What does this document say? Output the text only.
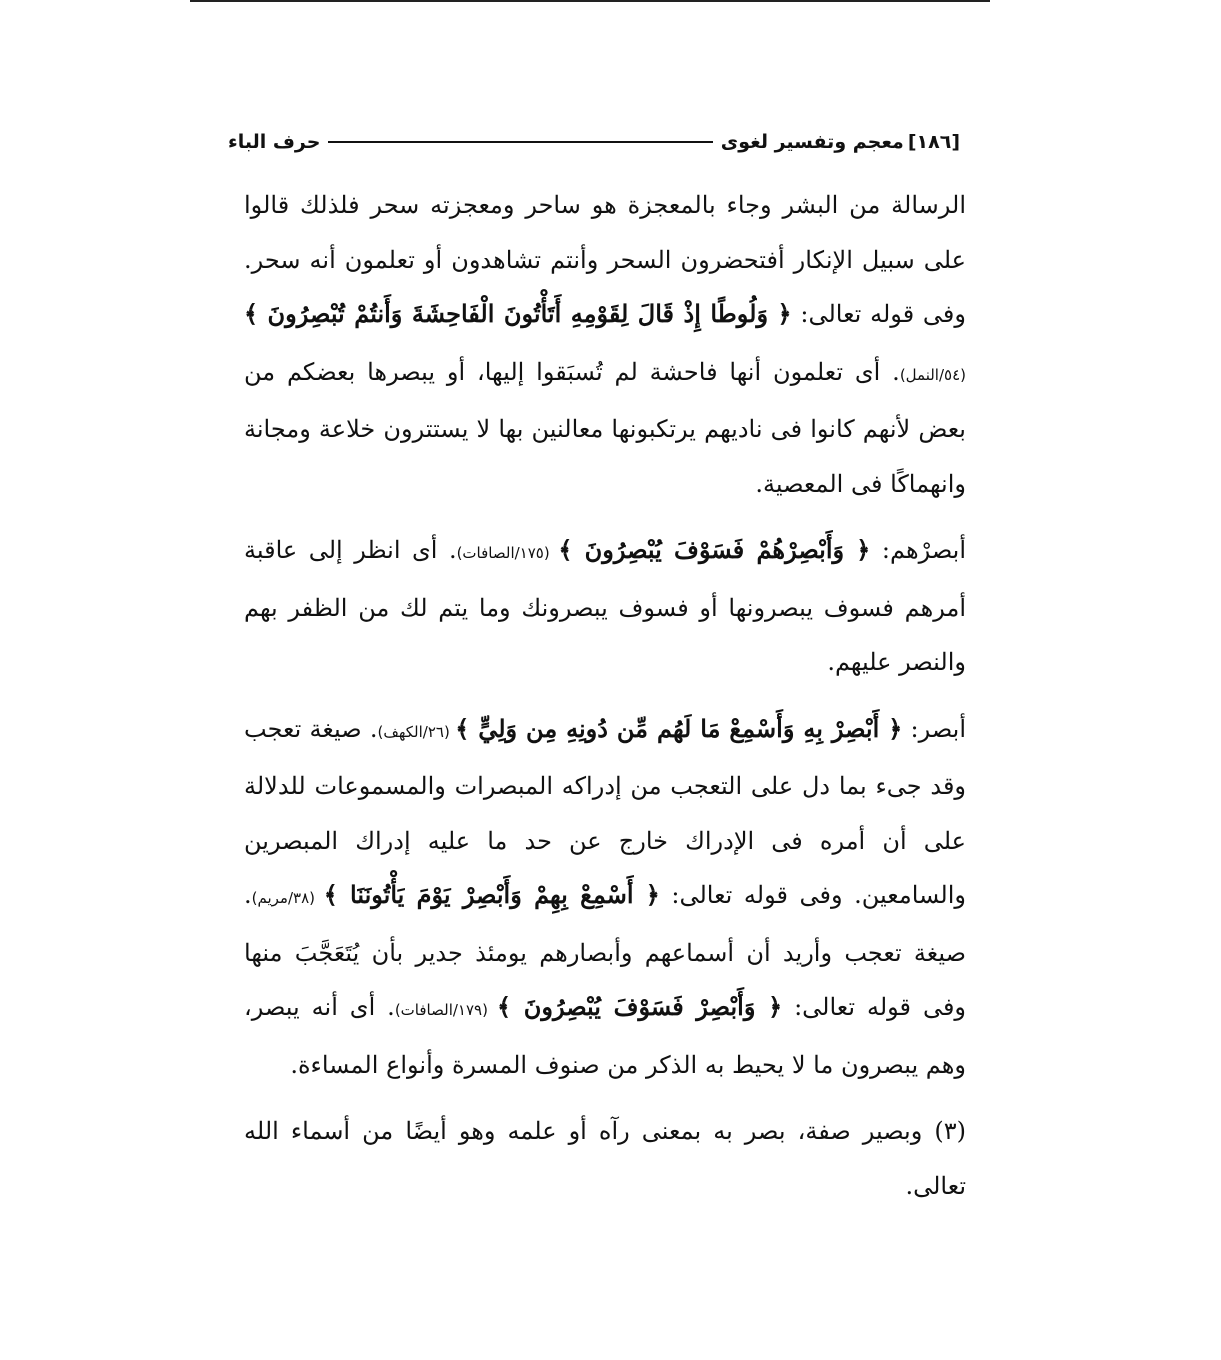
[١٨٦]
معجم وتفسير لغوى
حرف الباء

الرسالة من البشر وجاء بالمعجزة هو ساحر ومعجزته سحر فلذلك قالوا على سبيل الإنكار أفتحضرون السحر وأنتم تشاهدون أو تعلمون أنه سحر. وفى قوله تعالى: ﴿ وَلُوطًا إِذْ قَالَ لِقَوْمِهِ أَتَأْتُونَ الْفَاحِشَةَ وَأَنتُمْ تُبْصِرُونَ ﴾ (٥٤/النمل). أى تعلمون أنها فاحشة لم تُسبَقوا إليها، أو يبصرها بعضكم من بعض لأنهم كانوا فى ناديهم يرتكبونها معالنين بها لا يستترون خلاعة ومجانة وانهماكًا فى المعصية.

أبصرْهم: ﴿ وَأَبْصِرْهُمْ فَسَوْفَ يُبْصِرُونَ ﴾ (١٧٥/الصافات). أى انظر إلى عاقبة أمرهم فسوف يبصرونها أو فسوف يبصرونك وما يتم لك من الظفر بهم والنصر عليهم.

أبصر: ﴿ أَبْصِرْ بِهِ وَأَسْمِعْ مَا لَهُم مِّن دُونِهِ مِن وَلِيٍّ ﴾ (٢٦/الكهف). صيغة تعجب وقد جىء بما دل على التعجب من إدراكه المبصرات والمسموعات للدلالة على أن أمره فى الإدراك خارج عن حد ما عليه إدراك المبصرين والسامعين. وفى قوله تعالى: ﴿ أَسْمِعْ بِهِمْ وَأَبْصِرْ يَوْمَ يَأْتُونَنَا ﴾ (٣٨/مريم). صيغة تعجب وأريد أن أسماعهم وأبصارهم يومئذ جدير بأن يُتَعَجَّبَ منها وفى قوله تعالى: ﴿ وَأَبْصِرْ فَسَوْفَ يُبْصِرُونَ ﴾ (١٧٩/الصافات). أى أنه يبصر، وهم يبصرون ما لا يحيط به الذكر من صنوف المسرة وأنواع المساءة.

(٣) وبصير صفة، بصر به بمعنى رآه أو علمه وهو أيضًا من أسماء الله تعالى.
